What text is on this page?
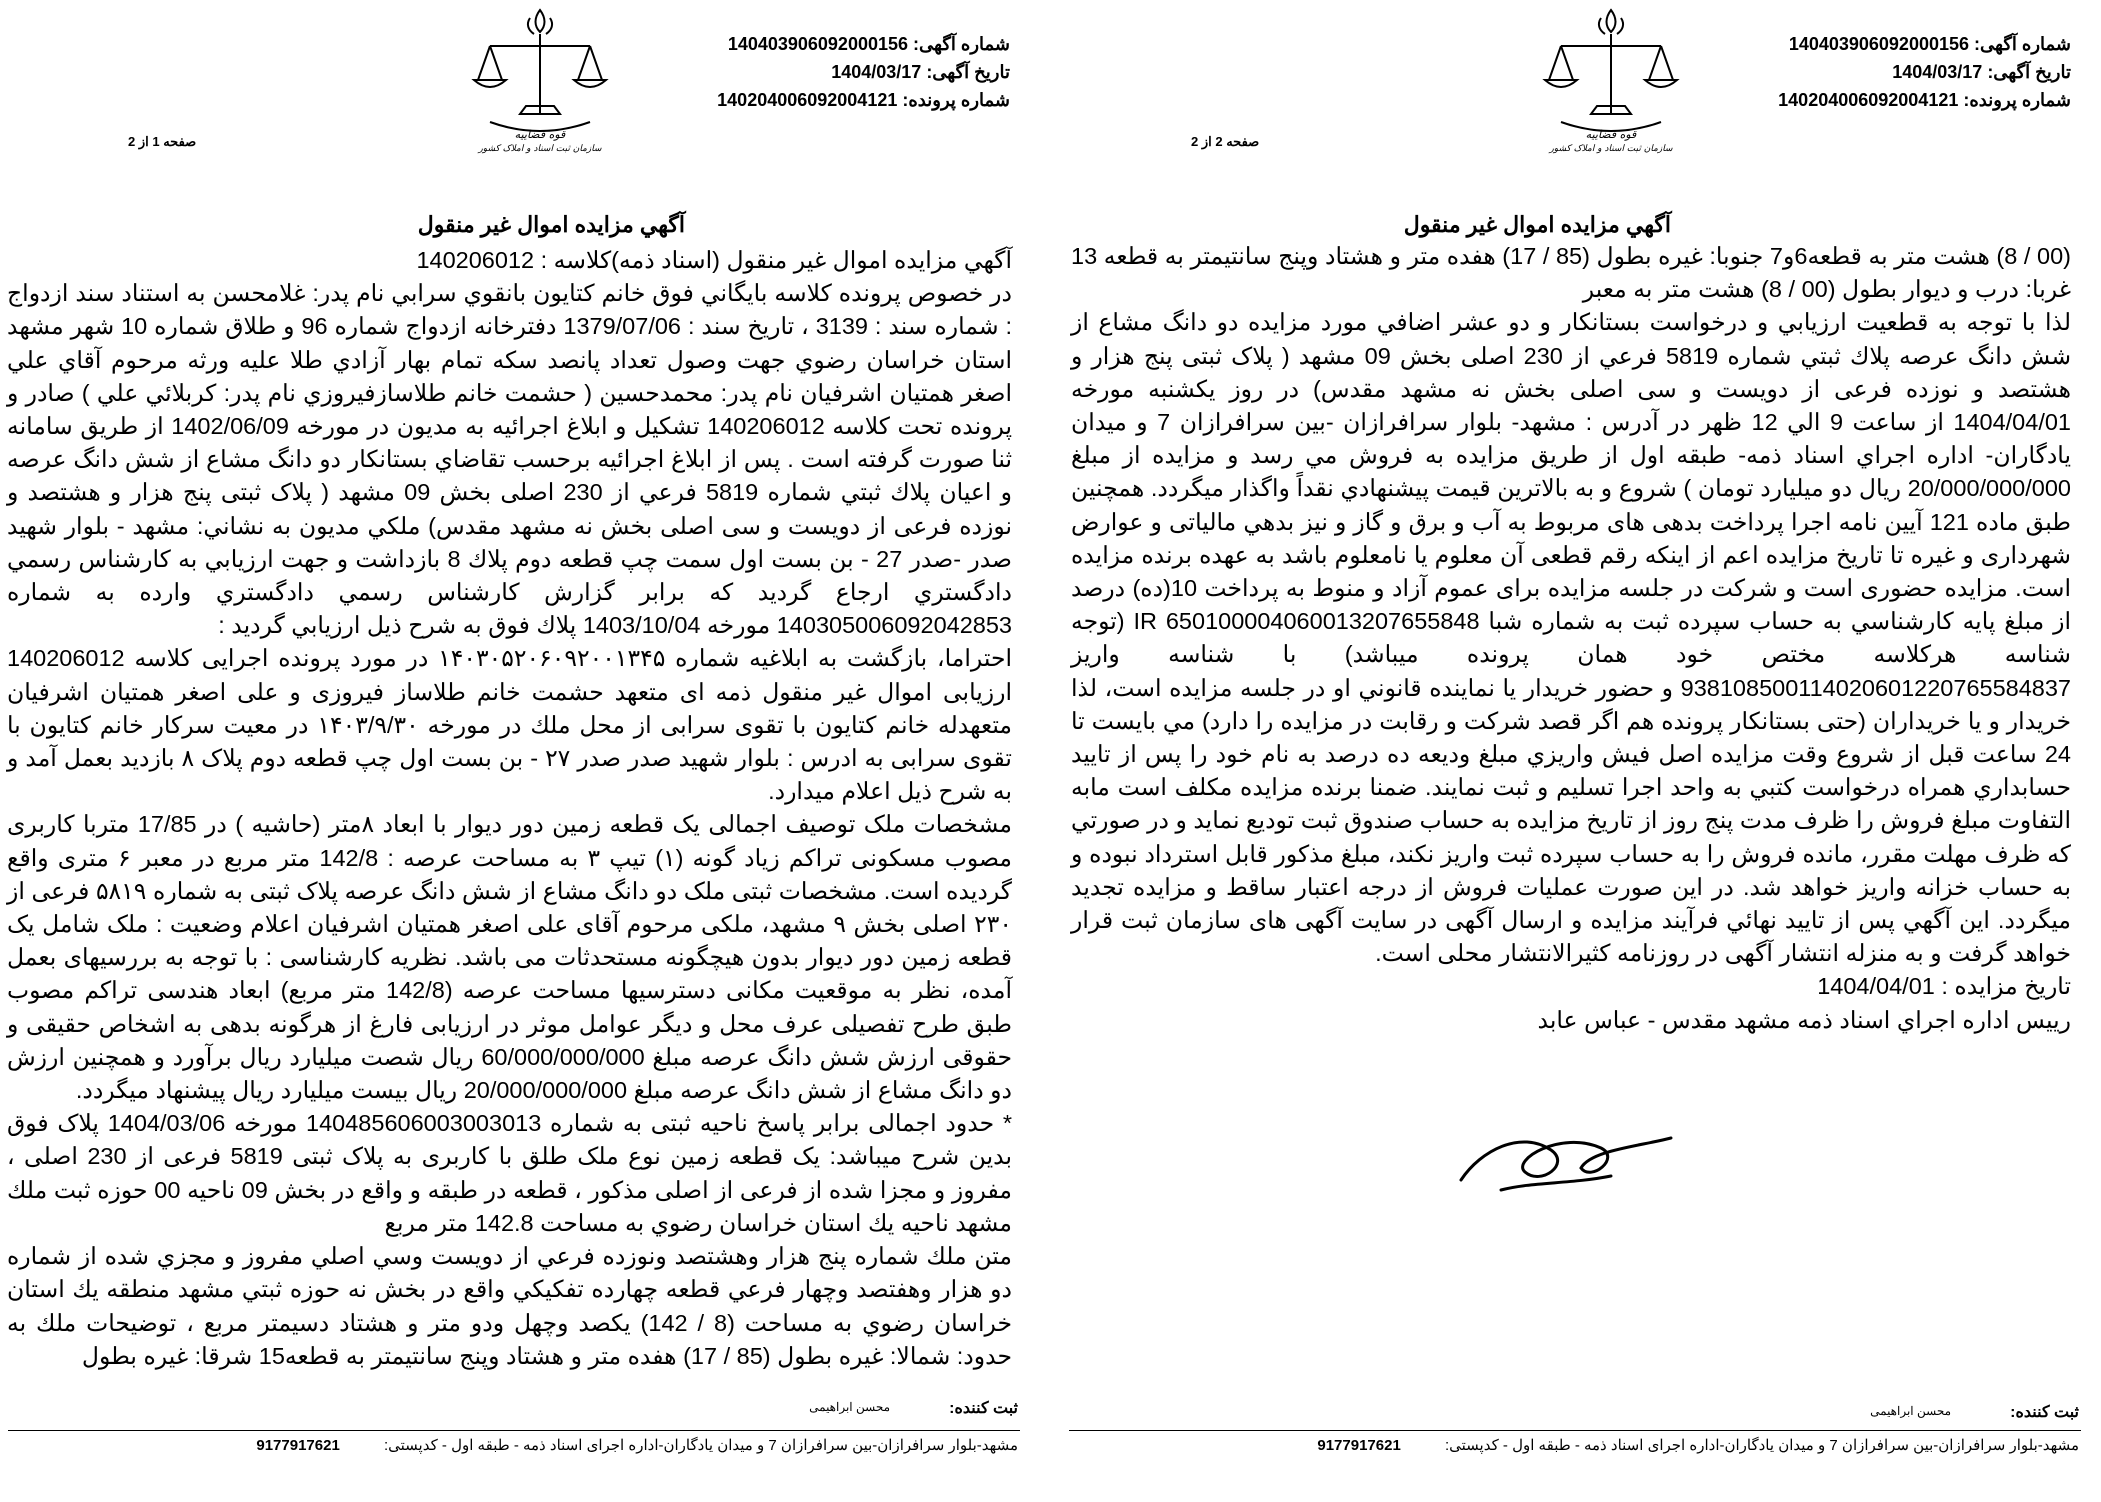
قوه قضاییه
سازمان ثبت اسناد و املاک کشور
شماره آگهی: 140403906092000156
تاریخ آگهی: 1404/03/17
شماره پرونده: 140204006092004121
صفحه 1 از 2
آگهي مزايده اموال غير منقول

آگهي مزايده اموال غير منقول (اسناد ذمه)كلاسه : 140206012

در خصوص پرونده كلاسه بايگاني فوق خانم كتايون بانقوي سرابي نام پدر: غلامحسن به استناد سند ازدواج : شماره سند : 3139 ، تاريخ سند : 1379/07/06 دفترخانه ازدواج شماره 96 و طلاق شماره 10 شهر مشهد استان خراسان رضوي جهت وصول تعداد پانصد سكه تمام بهار آزادي طلا عليه ورثه مرحوم آقاي علي اصغر همتيان اشرفيان نام پدر: محمدحسين ( حشمت خانم طلاسازفيروزي نام پدر: كربلائي علي ) صادر و پرونده تحت كلاسه 140206012 تشكيل و ابلاغ اجرائيه به مديون در مورخه 1402/06/09 از طريق سامانه ثنا صورت گرفته است . پس از ابلاغ اجرائيه برحسب تقاضاي بستانكار دو دانگ مشاع از شش دانگ عرصه و اعيان پلاك ثبتي شماره 5819 فرعي از 230 اصلی بخش 09 مشهد ( پلاک ثبتی پنج هزار و هشتصد و نوزده فرعی از دویست و سی اصلی بخش نه مشهد مقدس) ملكي مديون به نشاني: مشهد - بلوار شهيد صدر -صدر 27 - بن بست اول سمت چپ قطعه دوم پلاك 8 بازداشت و جهت ارزيابي به كارشناس رسمي دادگستري ارجاع گرديد كه برابر گزارش كارشناس رسمي دادگستري وارده به شماره 14030500609204285‎3 مورخه 1403/10/04 پلاك فوق به شرح ذيل ارزيابي گرديد :

احتراما، بازگشت به ابلاغیه شماره ۱۴۰۳۰۵۲۰۶۰۹۲۰۰۱۳۴۵ در مورد پرونده اجرایی كلاسه 140206012 ارزیابی اموال غیر منقول ذمه ای متعهد حشمت خانم طلاساز فیروزی و علی اصغر همتیان اشرفیان متعهدله خانم كتایون با تقوی سرابی از محل ملك در مورخه ۱۴۰۳/۹/۳۰ در معیت سركار خانم كتایون با تقوی سرابی به ادرس : بلوار شهید صدر صدر ۲۷ - بن بست اول چپ قطعه دوم پلاک ۸ بازدید بعمل آمد و به شرح ذیل اعلام میدارد.

مشخصات ملک توصیف اجمالی یک قطعه زمین دور دیوار با ابعاد ۸متر (حاشیه ) در 17/85 متربا کاربری مصوب مسکونی تراکم زیاد گونه (۱) تیپ ۳ به مساحت عرصه : 142/8 متر مربع در معبر ۶ متری واقع گردیده است. مشخصات ثبتی ملک دو دانگ مشاع از شش دانگ عرصه پلاک ثبتی به شماره ۵۸۱۹ فرعی از ۲۳۰ اصلی بخش ۹ مشهد، ملکی مرحوم آقای علی اصغر همتیان اشرفیان اعلام وضعیت : ملک شامل یک قطعه زمین دور دیوار بدون هیچگونه مستحدثات می باشد. نظریه کارشناسی : با توجه به بررسیهای بعمل آمده، نظر به موقعیت مکانی دسترسیها مساحت عرصه (142/8 متر مربع) ابعاد هندسی تراکم مصوب طبق طرح تفصیلی عرف محل و دیگر عوامل موثر در ارزیابی فارغ از هرگونه بدهی به اشخاص حقیقی و حقوقی ارزش شش دانگ عرصه مبلغ 60/000/000/000 ریال شصت میلیارد ریال برآورد و همچنین ارزش دو دانگ مشاع از شش دانگ عرصه مبلغ 20/000/000/000 ریال بیست میلیارد ریال پیشنهاد میگردد.

* حدود اجمالی برابر پاسخ ناحیه ثبتی به شماره 140485606003003013 مورخه 1404/03/06 پلاک فوق بدین شرح میباشد: یک قطعه زمین نوع ملک طلق با کاربری به پلاک ثبتی 5819 فرعی از 230 اصلی ، مفروز و مجزا شده از فرعی از اصلی مذکور ، قطعه در طبقه و واقع در بخش 09 ناحیه 00 حوزه ثبت ملك مشهد ناحیه يك استان خراسان رضوي به مساحت 142.8 متر مربع

متن ملك شماره پنج هزار وهشتصد ونوزده فرعي از دويست وسي اصلي مفروز و مجزي شده از شماره دو هزار وهفتصد وچهار فرعي قطعه چهارده تفكيكي واقع در بخش نه حوزه ثبتي مشهد منطقه يك استان خراسان رضوي به مساحت (8 / 142) يكصد وچهل ودو متر و هشتاد دسيمتر مربع ، توضيحات ملك به حدود: شمالا: غيره بطول (85 / 17) هفده متر و هشتاد وپنج سانتيمتر به قطعه15 شرقا: غيره بطول

ثبت كننده:
محسن ابراهیمی
مشهد-بلوار سرافرازان-بین سرافرازان 7 و میدان یادگاران-اداره اجرای اسناد ذمه - طبقه اول - کدپستی: 9177917621
قوه قضاییه
سازمان ثبت اسناد و املاک کشور
شماره آگهی: 140403906092000156
تاریخ آگهی: 1404/03/17
شماره پرونده: 140204006092004121
صفحه 2 از 2
آگهي مزايده اموال غير منقول

(00 / 8) هشت متر به قطعه6و7 جنوبا: غيره بطول (85 / 17) هفده متر و هشتاد وپنج سانتيمتر به قطعه 13 غربا: درب و ديوار بطول (00 / 8) هشت متر به معبر

لذا با توجه به قطعيت ارزيابي و درخواست بستانكار و دو عشر اضافي مورد مزايده دو دانگ مشاع از شش دانگ عرصه پلاك ثبتي شماره 5819 فرعي از 230 اصلی بخش 09 مشهد ( پلاک ثبتی پنج هزار و هشتصد و نوزده فرعی از دویست و سی اصلی بخش نه مشهد مقدس) در روز يكشنبه مورخه 1404/04/01 از ساعت 9 الي 12 ظهر در آدرس : مشهد- بلوار سرافرازان -بين سرافرازان 7 و ميدان يادگاران- اداره اجراي اسناد ذمه- طبقه اول از طريق مزايده به فروش مي رسد و مزايده از مبلغ 20/000/000/000 ريال دو ميليارد تومان ) شروع و به بالاترين قيمت پيشنهادي نقداً واگذار ميگردد. همچنين طبق ماده 121 آيين نامه اجرا پرداخت بدهی های مربوط به آب و برق و گاز و نيز بدهي مالياتی و عوارض شهرداری و غيره تا تاريخ مزايده اعم از اينكه رقم قطعی آن معلوم يا نامعلوم باشد به عهده برنده مزايده است. مزايده حضوری است و شركت در جلسه مزايده برای عموم آزاد و منوط به پرداخت 10(ده) درصد از مبلغ پايه كارشناسي به حساب سپرده ثبت به شماره شبا IR 650100004060013207655848 (توجه شناسه هركلاسه مختص خود همان پرونده ميباشد) با شناسه واريز 938108500114020601220765584837 و حضور خريدار يا نماينده قانوني او در جلسه مزايده است، لذا خريدار و يا خريداران (حتی بستانكار پرونده هم اگر قصد شركت و رقابت در مزايده را دارد) مي بايست تا 24 ساعت قبل از شروع وقت مزايده اصل فيش واريزي مبلغ وديعه ده درصد به نام خود را پس از تاييد حسابداري همراه درخواست كتبي به واحد اجرا تسليم و ثبت نمايند. ضمنا برنده مزايده مكلف است مابه التفاوت مبلغ فروش را ظرف مدت پنج روز از تاريخ مزايده به حساب صندوق ثبت توديع نمايد و در صورتي كه ظرف مهلت مقرر، مانده فروش را به حساب سپرده ثبت واريز نكند، مبلغ مذكور قابل استرداد نبوده و به حساب خزانه واريز خواهد شد. در اين صورت عمليات فروش از درجه اعتبار ساقط و مزايده تجديد ميگردد. اين آگهي پس از تاييد نهائي فرآيند مزايده و ارسال آگهی در سايت آگهی های سازمان ثبت قرار خواهد گرفت و به منزله انتشار آگهی در روزنامه كثيرالانتشار محلی است.

تاريخ مزايده : 1404/04/01

رييس اداره اجراي اسناد ذمه مشهد مقدس - عباس عابد

ثبت كننده:
محسن ابراهیمی
مشهد-بلوار سرافرازان-بین سرافرازان 7 و میدان یادگاران-اداره اجرای اسناد ذمه - طبقه اول - کدپستی: 9177917621
